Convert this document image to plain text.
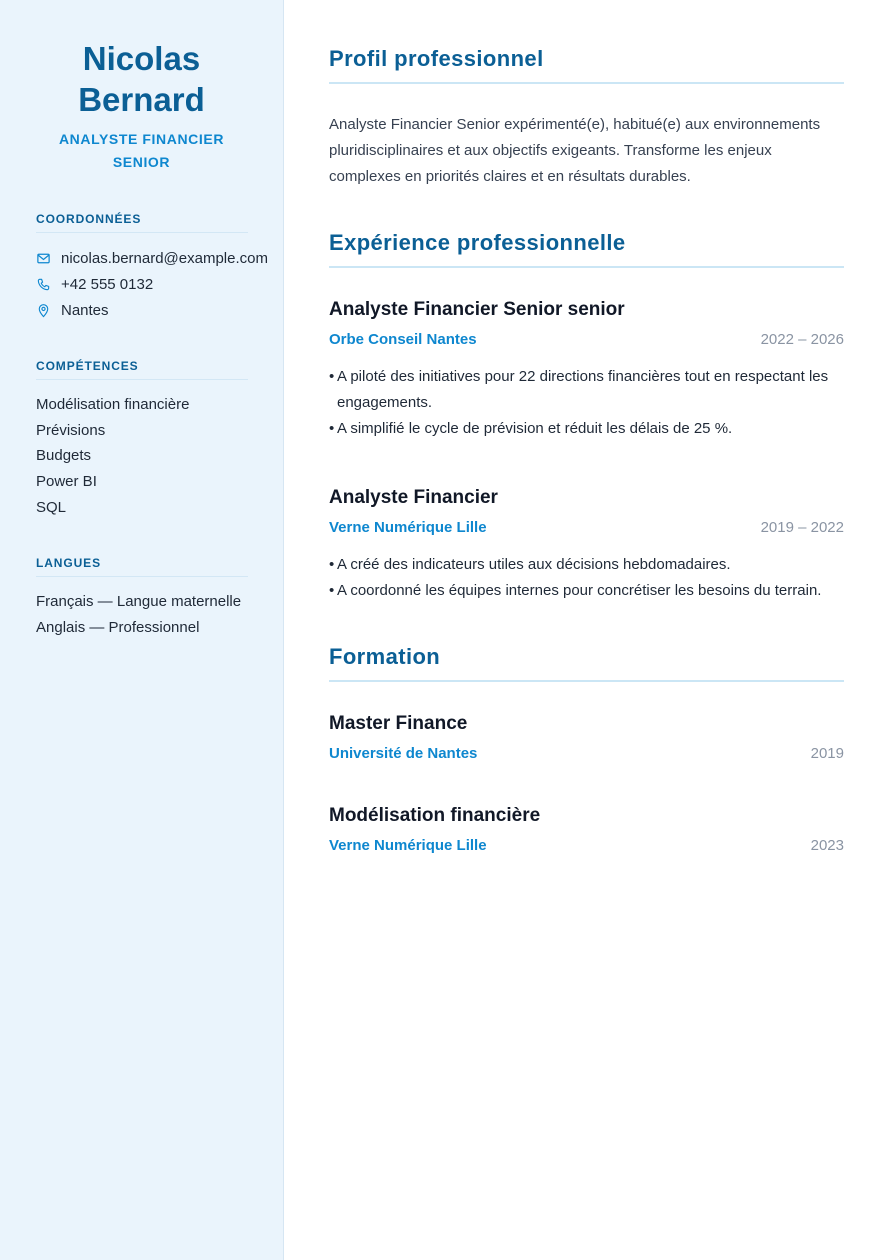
Nicolas Bernard
ANALYSTE FINANCIER SENIOR
COORDONNÉES
nicolas.bernard@example.com
+42 555 0132
Nantes
COMPÉTENCES
Modélisation financière
Prévisions
Budgets
Power BI
SQL
LANGUES
Français — Langue maternelle
Anglais — Professionnel
Profil professionnel

Analyste Financier Senior expérimenté(e), habitué(e) aux environnements pluridisciplinaires et aux objectifs exigeants. Transforme les enjeux complexes en priorités claires et en résultats durables.

Expérience professionnelle
Analyste Financier Senior senior
Orbe Conseil Nantes	2022 – 2026
• A piloté des initiatives pour 22 directions financières tout en respectant les engagements.
• A simplifié le cycle de prévision et réduit les délais de 25 %.
Analyste Financier
Verne Numérique Lille	2019 – 2022
• A créé des indicateurs utiles aux décisions hebdomadaires.
• A coordonné les équipes internes pour concrétiser les besoins du terrain.
Formation
Master Finance
Université de Nantes	2019
Modélisation financière
Verne Numérique Lille	2023
